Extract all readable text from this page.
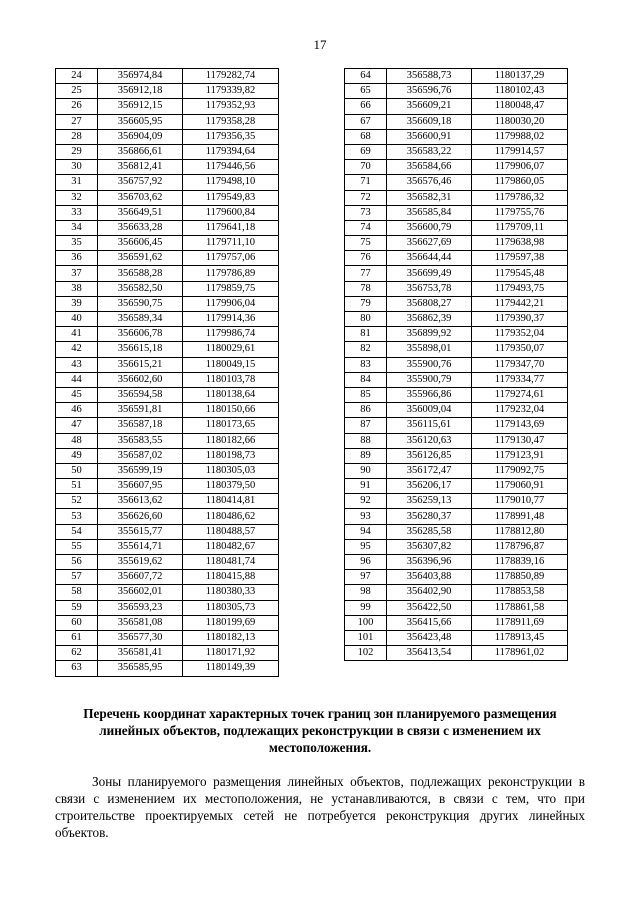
17
24	356974,84	1179282,74
25	356912,18	1179339,82
26	356912,15	1179352,93
27	356605,95	1179358,28
28	356904,09	1179356,35
29	356866,61	1179394,64
30	356812,41	1179446,56
31	356757,92	1179498,10
32	356703,62	1179549,83
33	356649,51	1179600,84
34	356633,28	1179641,18
35	356606,45	1179711,10
36	356591,62	1179757,06
37	356588,28	1179786,89
38	356582,50	1179859,75
39	356590,75	1179906,04
40	356589,34	1179914,36
41	356606,78	1179986,74
42	356615,18	1180029,61
43	356615,21	1180049,15
44	356602,60	1180103,78
45	356594,58	1180138,64
46	356591,81	1180150,66
47	356587,18	1180173,65
48	356583,55	1180182,66
49	356587,02	1180198,73
50	356599,19	1180305,03
51	356607,95	1180379,50
52	356613,62	1180414,81
53	356626,60	1180486,62
54	355615,77	1180488,57
55	355614,71	1180482,67
56	355619,62	1180481,74
57	356607,72	1180415,88
58	356602,01	1180380,33
59	356593,23	1180305,73
60	356581,08	1180199,69
61	356577,30	1180182,13
62	356581,41	1180171,92
63	356585,95	1180149,39
64	356588,73	1180137,29
65	356596,76	1180102,43
66	356609,21	1180048,47
67	356609,18	1180030,20
68	356600,91	1179988,02
69	356583,22	1179914,57
70	356584,66	1179906,07
71	356576,46	1179860,05
72	356582,31	1179786,32
73	356585,84	1179755,76
74	356600,79	1179709,11
75	356627,69	1179638,98
76	356644,44	1179597,38
77	356699,49	1179545,48
78	356753,78	1179493,75
79	356808,27	1179442,21
80	356862,39	1179390,37
81	356899,92	1179352,04
82	355898,01	1179350,07
83	355900,76	1179347,70
84	355900,79	1179334,77
85	355966,86	1179274,61
86	356009,04	1179232,04
87	356115,61	1179143,69
88	356120,63	1179130,47
89	356126,85	1179123,91
90	356172,47	1179092,75
91	356206,17	1179060,91
92	356259,13	1179010,77
93	356280,37	1178991,48
94	356285,58	1178812,80
95	356307,82	1178796,87
96	356396,96	1178839,16
97	356403,88	1178850,89
98	356402,90	1178853,58
99	356422,50	1178861,58
100	356415,66	1178911,69
101	356423,48	1178913,45
102	356413,54	1178961,02
Перечень координат характерных точек границ зон планируемого размещения линейных объектов, подлежащих реконструкции в связи с изменением их местоположения.

Зоны планируемого размещения линейных объектов, подлежащих реконструкции в связи с изменением их местоположения, не устанавливаются, в связи с тем, что при строительстве проектируемых сетей не потребуется реконструкция других линейных объектов.
